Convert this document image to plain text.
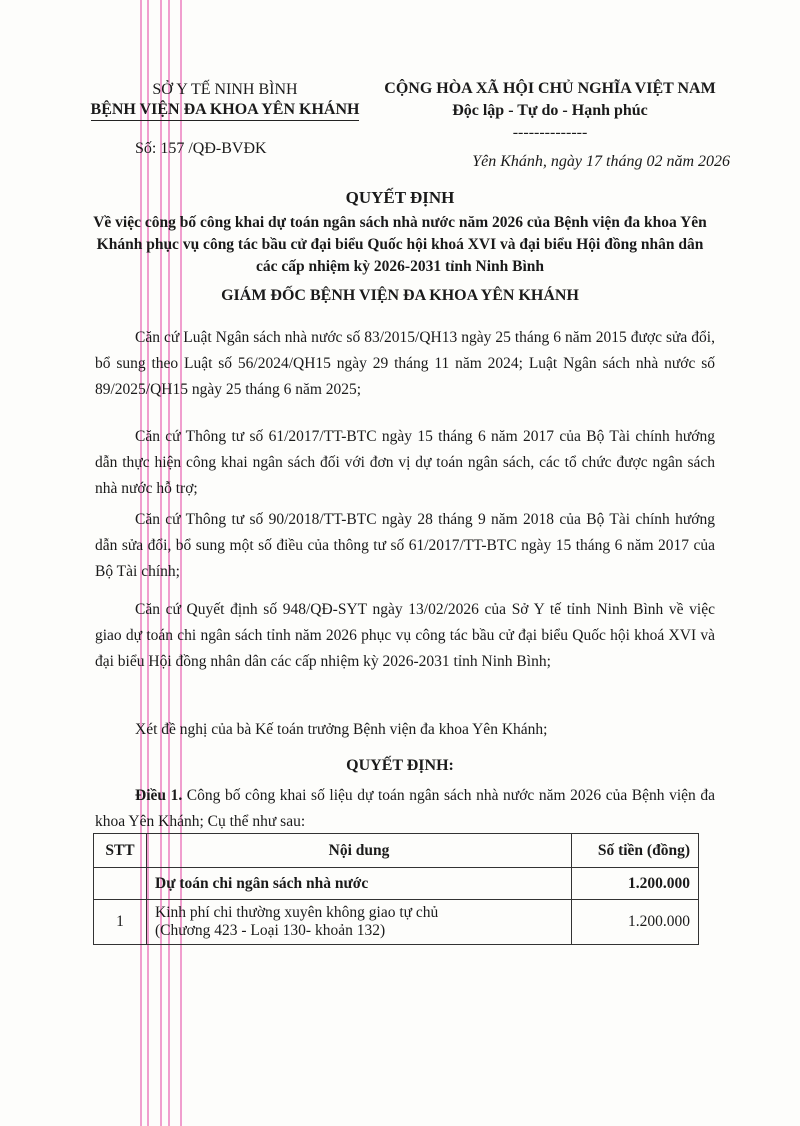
SỞ Y TẾ NINH BÌNH
BỆNH VIỆN ĐA KHOA YÊN KHÁNH
Số: 157 /QĐ-BVĐK
CỘNG HÒA XÃ HỘI CHỦ NGHĨA VIỆT NAM
Độc lập - Tự do - Hạnh phúc
--------------
Yên Khánh, ngày 17 tháng 02 năm 2026
QUYẾT ĐỊNH
Về việc công bố công khai dự toán ngân sách nhà nước năm 2026 của Bệnh viện đa khoa Yên Khánh phục vụ công tác bầu cử đại biểu Quốc hội khoá XVI và đại biểu Hội đồng nhân dân các cấp nhiệm kỳ 2026-2031 tỉnh Ninh Bình
GIÁM ĐỐC BỆNH VIỆN ĐA KHOA YÊN KHÁNH
Căn cứ Luật Ngân sách nhà nước số 83/2015/QH13 ngày 25 tháng 6 năm 2015 được sửa đổi, bổ sung theo Luật số 56/2024/QH15 ngày 29 tháng 11 năm 2024; Luật Ngân sách nhà nước số 89/2025/QH15 ngày 25 tháng 6 năm 2025;
Căn cứ Thông tư số 61/2017/TT-BTC ngày 15 tháng 6 năm 2017 của Bộ Tài chính hướng dẫn thực hiện công khai ngân sách đối với đơn vị dự toán ngân sách, các tổ chức được ngân sách nhà nước hỗ trợ;
Căn cứ Thông tư số 90/2018/TT-BTC ngày 28 tháng 9 năm 2018 của Bộ Tài chính hướng dẫn sửa đổi, bổ sung một số điều của thông tư số 61/2017/TT-BTC ngày 15 tháng 6 năm 2017 của Bộ Tài chính;
Căn cứ Quyết định số 948/QĐ-SYT ngày 13/02/2026 của Sở Y tế tỉnh Ninh Bình về việc giao dự toán chi ngân sách tỉnh năm 2026 phục vụ công tác bầu cử đại biểu Quốc hội khoá XVI và đại biểu Hội đồng nhân dân các cấp nhiệm kỳ 2026-2031 tỉnh Ninh Bình;
Xét đề nghị của bà Kế toán trưởng Bệnh viện đa khoa Yên Khánh;
QUYẾT ĐỊNH:
Điều 1. Công bố công khai số liệu dự toán ngân sách nhà nước năm 2026 của Bệnh viện đa khoa Yên Khánh; Cụ thể như sau:
STT	Nội dung	Số tiền (đồng)
	Dự toán chi ngân sách nhà nước	1.200.000
1	Kinh phí chi thường xuyên không giao tự chủ
(Chương 423 - Loại 130- khoản 132)	1.200.000
